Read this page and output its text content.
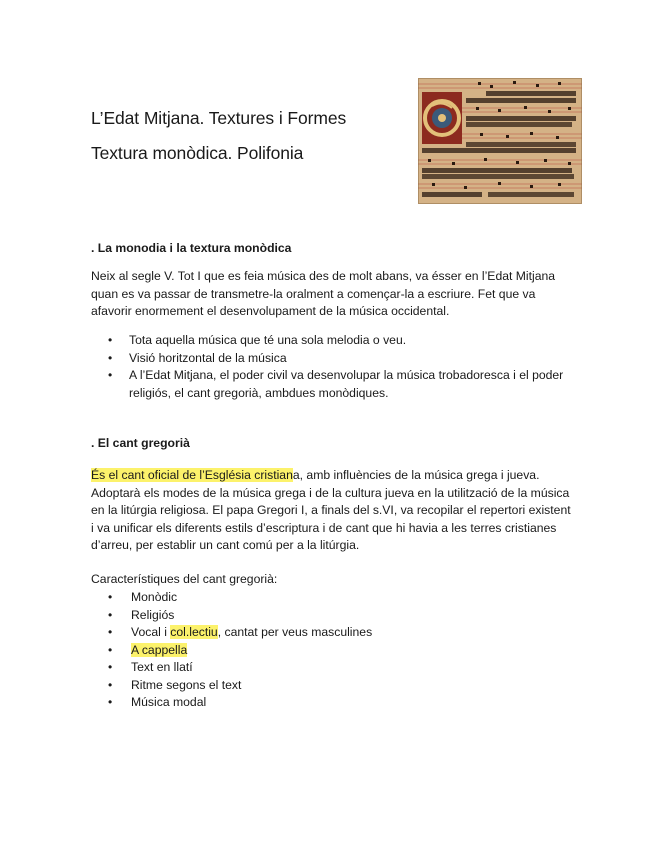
L’Edat Mitjana. Textures i Formes
Textura monòdica. Polifonia
. La monodia i la textura monòdica

Neix al segle V. Tot I que es feia música des de molt abans, va ésser en l’Edat Mitjana quan es va passar de transmetre-la oralment a començar-la a escriure. Fet que va afavorir enormement el desenvolupament de la música occidental.

• Tota aquella música que té una sola melodia o veu.
• Visió horitzontal de la música
• A l’Edat Mitjana, el poder civil va desenvolupar la música trobadoresca i el poder religiós, el cant gregorià, ambdues monòdiques.
. El cant gregorià

És el cant oficial de l’Església cristiana, amb influències de la música grega i jueva. Adoptarà els modes de la música grega i de la cultura jueva en la utilització de la música en la litúrgia religiosa. El papa Gregori I, a finals del s.VI, va recopilar el repertori existent i va unificar els diferents estils d’escriptura i de cant que hi havia a les terres cristianes d’arreu, per establir un cant comú per a la litúrgia.

Característiques del cant gregorià:

• Monòdic
• Religiós
• Vocal i col.lectiu, cantat per veus masculines
• A cappella
• Text en llatí
• Ritme segons el text
• Música modal
